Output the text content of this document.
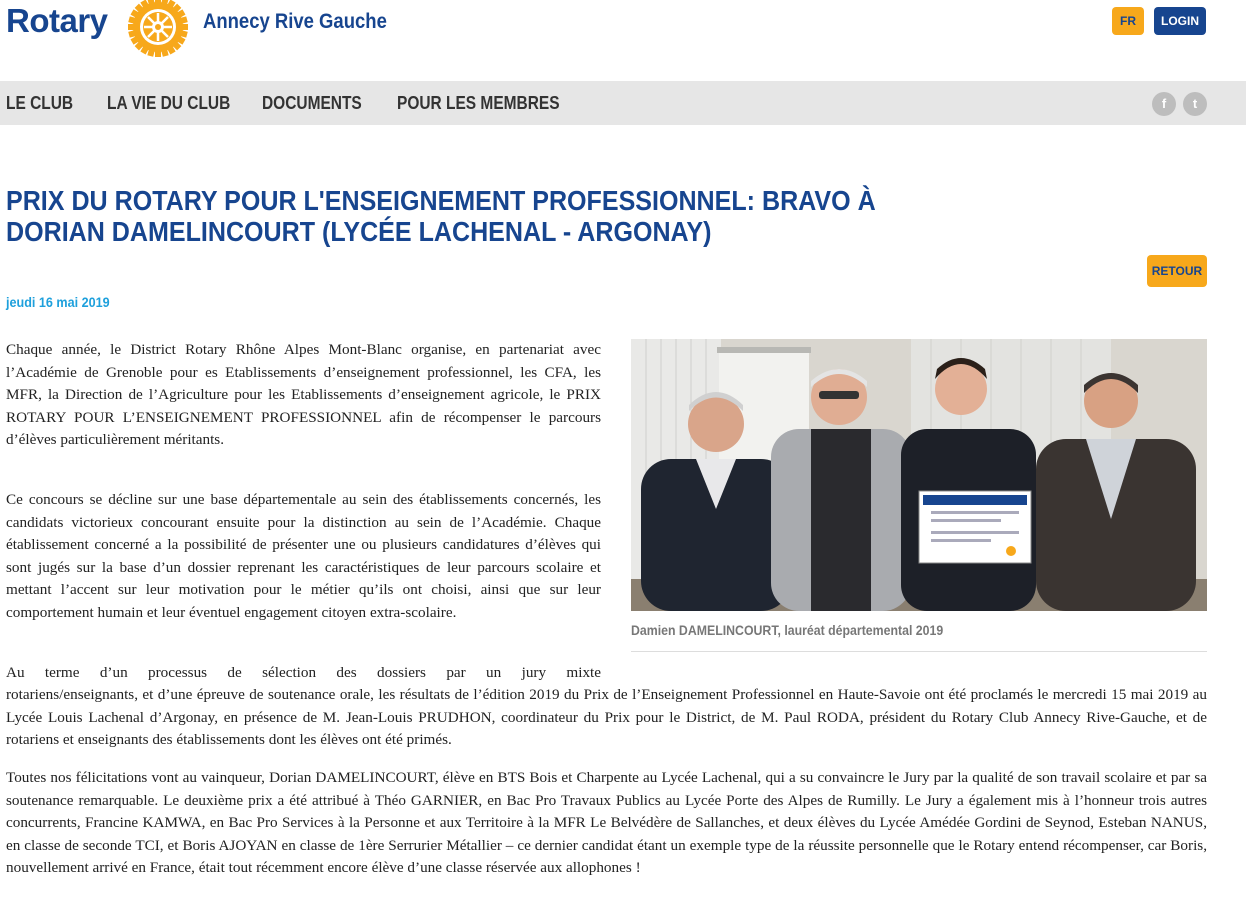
Rotary	Annecy Rive Gauche	FR	LOGIN
LE CLUB LA VIE DU CLUB DOCUMENTS POUR LES MEMBRES	f	t
PRIX DU ROTARY POUR L'ENSEIGNEMENT PROFESSIONNEL: BRAVO À DORIAN DAMELINCOURT (LYCÉE LACHENAL - ARGONAY)
RETOUR
jeudi 16 mai 2019
Damien DAMELINCOURT, lauréat départemental 2019

Chaque année, le District Rotary Rhône Alpes Mont-Blanc organise, en partenariat avec l’Académie de Grenoble pour es Etablissements d’enseignement professionnel, les CFA, les MFR, la Direction de l’Agriculture pour les Etablissements d’enseignement agricole, le PRIX ROTARY POUR L’ENSEIGNEMENT PROFESSIONNEL afin de récompenser le parcours d’élèves particulièrement méritants.

Ce concours se décline sur une base départementale au sein des établissements concernés, les candidats victorieux concourant ensuite pour la distinction au sein de l’Académie. Chaque établissement concerné a la possibilité de présenter une ou plusieurs candidatures d’élèves qui sont jugés sur la base d’un dossier reprenant les caractéristiques de leur parcours scolaire et mettant l’accent sur leur motivation pour le métier qu’ils ont choisi, ainsi que sur leur comportement humain et leur éventuel engagement citoyen extra-scolaire.

Au terme d’un processus de sélection des dossiers par un jury mixte

rotariens/enseignants, et d’une épreuve de soutenance orale, les résultats de l’édition 2019 du Prix de l’Enseignement Professionnel en Haute-Savoie ont été proclamés le mercredi 15 mai 2019 au Lycée Louis Lachenal d’Argonay, en présence de M. Jean-Louis PRUDHON, coordinateur du Prix pour le District, de M. Paul RODA, président du Rotary Club Annecy Rive-Gauche, et de rotariens et enseignants des établissements dont les élèves ont été primés.

Toutes nos félicitations vont au vainqueur, Dorian DAMELINCOURT, élève en BTS Bois et Charpente au Lycée Lachenal, qui a su convaincre le Jury par la qualité de son travail scolaire et par sa soutenance remarquable. Le deuxième prix a été attribué à Théo GARNIER, en Bac Pro Travaux Publics au Lycée Porte des Alpes de Rumilly. Le Jury a également mis à l’honneur trois autres concurrents, Francine KAMWA, en Bac Pro Services à la Personne et aux Territoire à la MFR Le Belvédère de Sallanches, et deux élèves du Lycée Amédée Gordini de Seynod, Esteban NANUS, en classe de seconde TCI, et Boris AJOYAN en classe de 1ère Serrurier Métallier – ce dernier candidat étant un exemple type de la réussite personnelle que le Rotary entend récompenser, car Boris, nouvellement arrivé en France, était tout récemment encore élève d’une classe réservée aux allophones !
